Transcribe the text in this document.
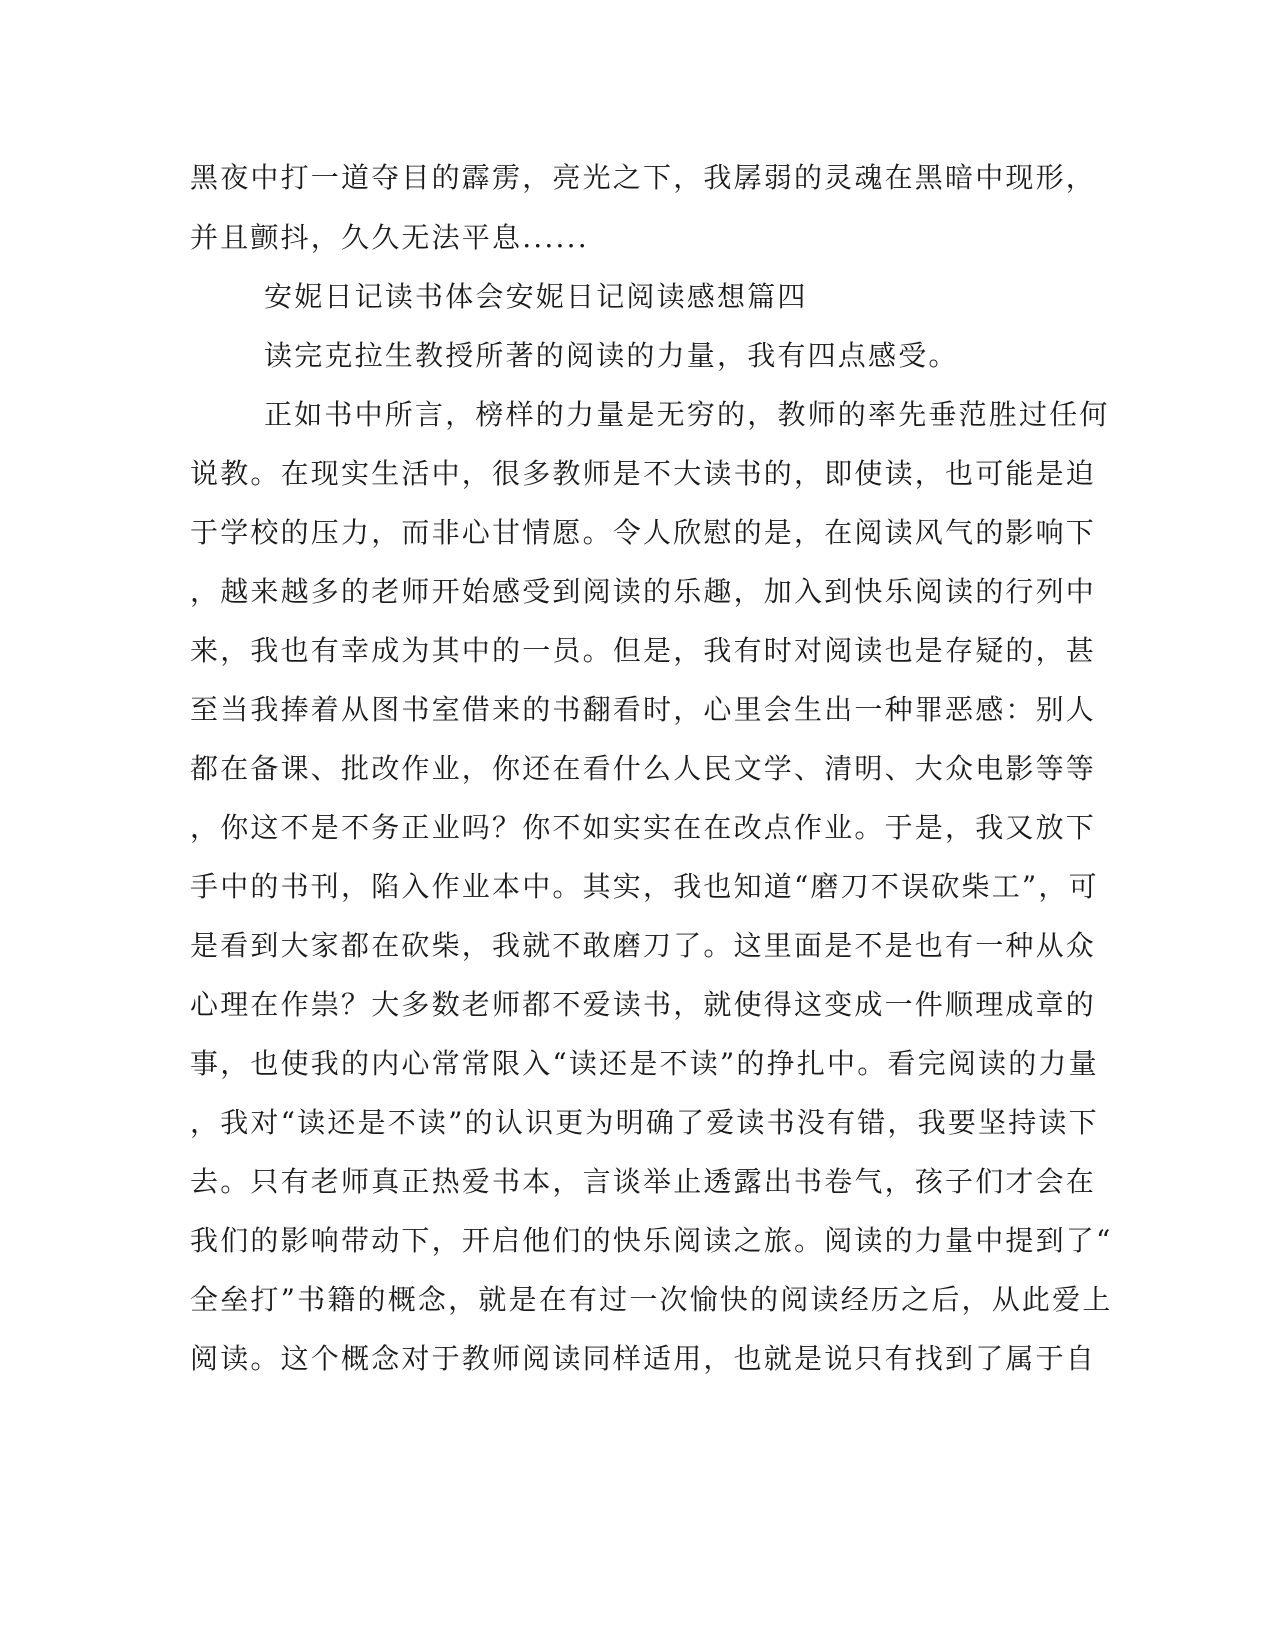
黑夜中打一道夺目的霹雳，亮光之下，我孱弱的灵魂在黑暗中现形，
并且颤抖，久久无法平息......
安妮日记读书体会安妮日记阅读感想篇四
读完克拉生教授所著的阅读的力量，我有四点感受。
正如书中所言，榜样的力量是无穷的，教师的率先垂范胜过任何
说教。在现实生活中，很多教师是不大读书的，即使读，也可能是迫
于学校的压力，而非心甘情愿。令人欣慰的是，在阅读风气的影响下
，越来越多的老师开始感受到阅读的乐趣，加入到快乐阅读的行列中
来，我也有幸成为其中的一员。但是，我有时对阅读也是存疑的，甚
至当我捧着从图书室借来的书翻看时，心里会生出一种罪恶感：别人
都在备课、批改作业，你还在看什么人民文学、清明、大众电影等等
，你这不是不务正业吗？你不如实实在在改点作业。于是，我又放下
手中的书刊，陷入作业本中。其实，我也知道“磨刀不误砍柴工”，可
是看到大家都在砍柴，我就不敢磨刀了。这里面是不是也有一种从众
心理在作祟？大多数老师都不爱读书，就使得这变成一件顺理成章的
事，也使我的内心常常限入“读还是不读”的挣扎中。看完阅读的力量
，我对“读还是不读”的认识更为明确了爱读书没有错，我要坚持读下
去。只有老师真正热爱书本，言谈举止透露出书卷气，孩子们才会在
我们的影响带动下，开启他们的快乐阅读之旅。阅读的力量中提到了“
全垒打”书籍的概念，就是在有过一次愉快的阅读经历之后，从此爱上
阅读。这个概念对于教师阅读同样适用，也就是说只有找到了属于自
